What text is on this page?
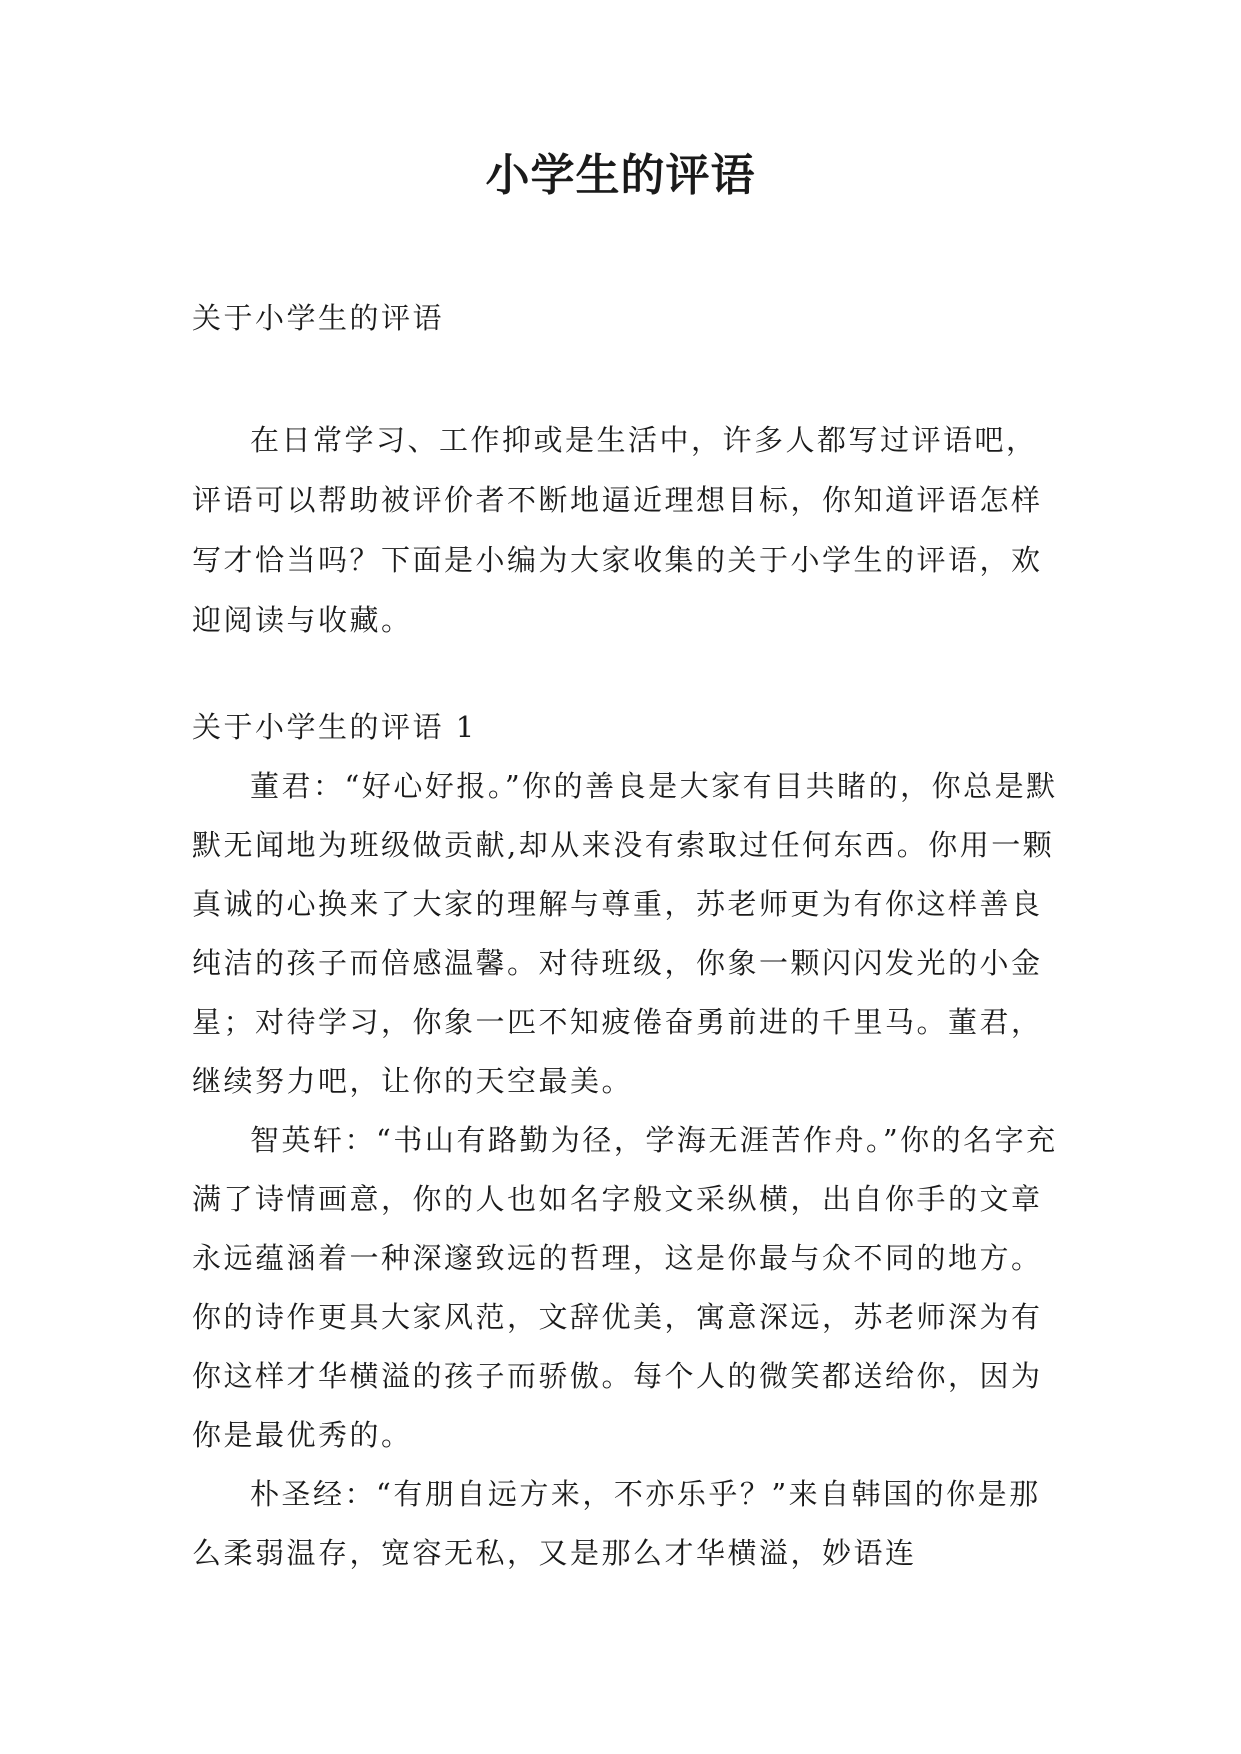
小学生的评语
关于小学生的评语

在日常学习、工作抑或是生活中，许多人都写过评语吧，评语可以帮助被评价者不断地逼近理想目标，你知道评语怎样写才恰当吗？下面是小编为大家收集的关于小学生的评语，欢迎阅读与收藏。

关于小学生的评语 1

董君：“好心好报。”你的善良是大家有目共睹的，你总是默默无闻地为班级做贡献,却从来没有索取过任何东西。你用一颗真诚的心换来了大家的理解与尊重，苏老师更为有你这样善良纯洁的孩子而倍感温馨。对待班级，你象一颗闪闪发光的小金星；对待学习，你象一匹不知疲倦奋勇前进的千里马。董君，继续努力吧，让你的天空最美。

智英轩：“书山有路勤为径，学海无涯苦作舟。”你的名字充满了诗情画意，你的人也如名字般文采纵横，出自你手的文章永远蕴涵着一种深邃致远的哲理，这是你最与众不同的地方。你的诗作更具大家风范，文辞优美，寓意深远，苏老师深为有你这样才华横溢的孩子而骄傲。每个人的微笑都送给你，因为你是最优秀的。

朴圣经：“有朋自远方来，不亦乐乎？”来自韩国的你是那么柔弱温存，宽容无私，又是那么才华横溢，妙语连
